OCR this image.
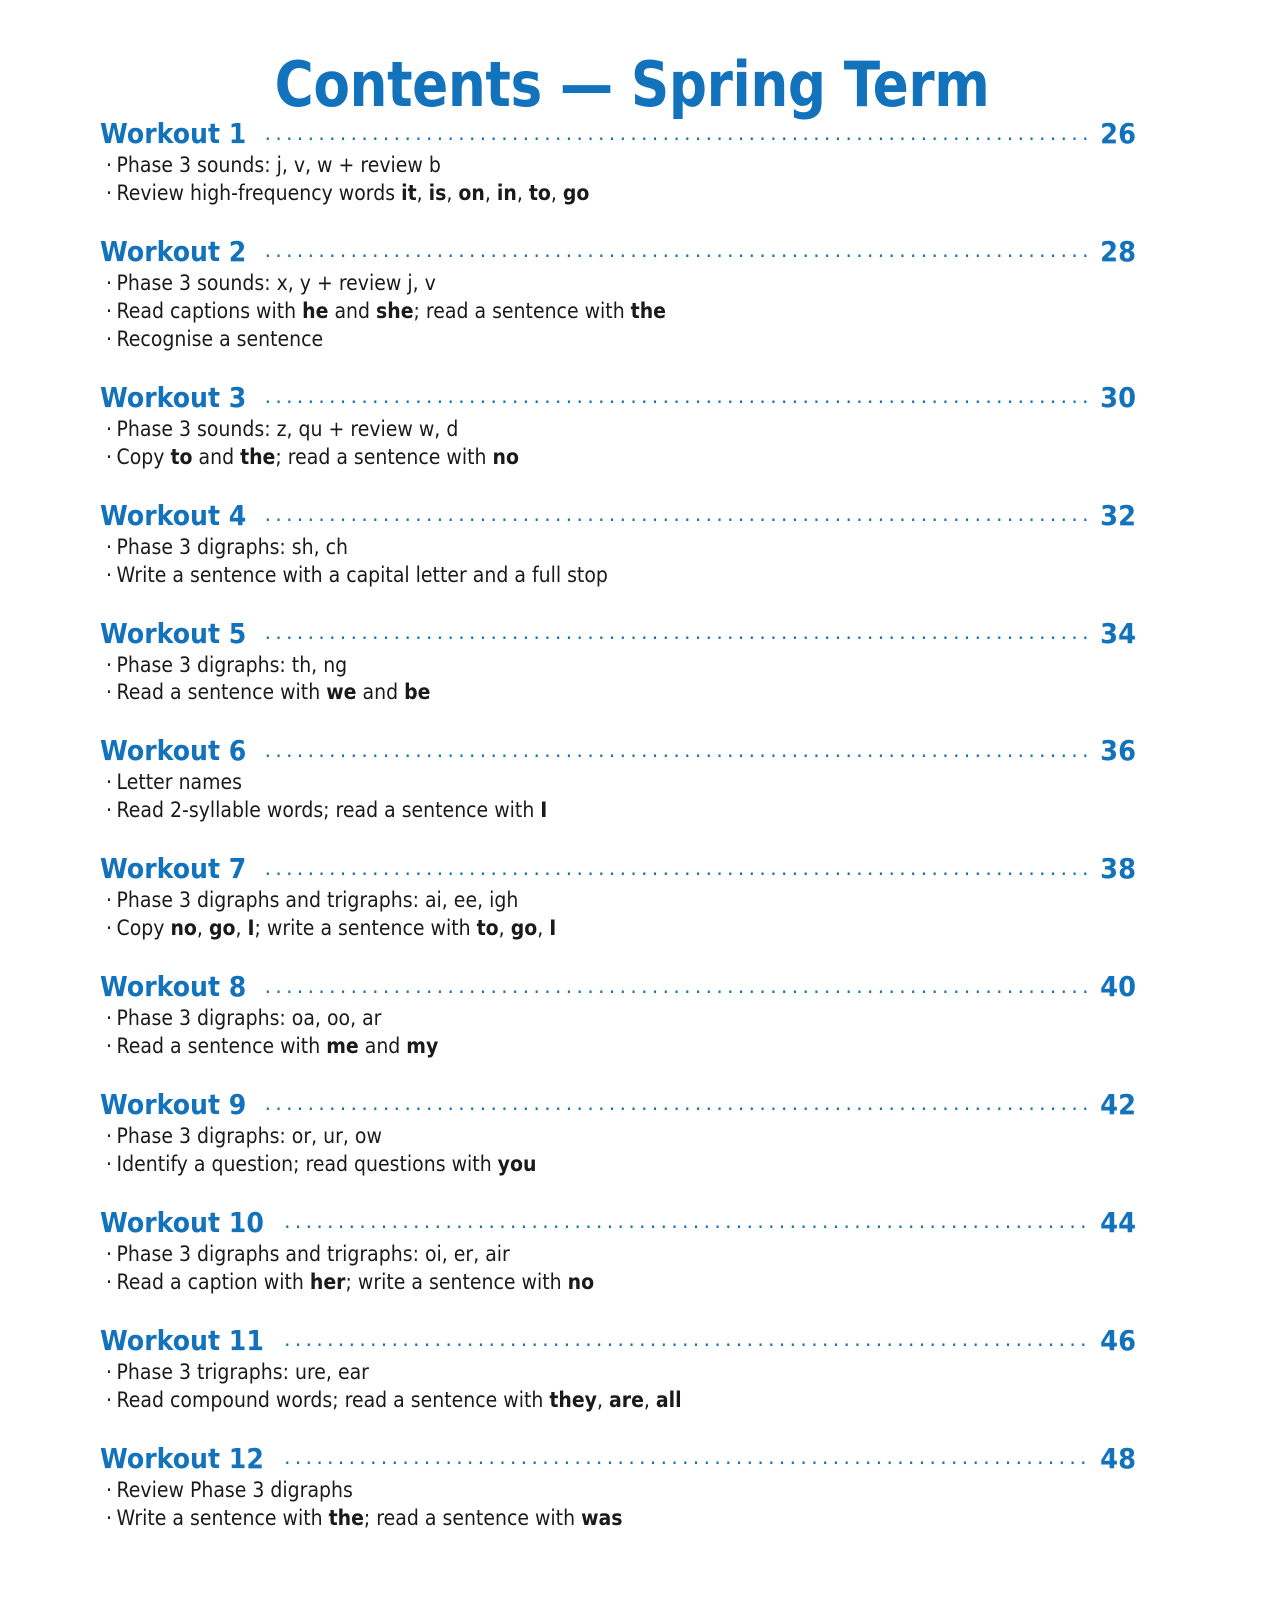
Contents — Spring Term
Workout 1 .....	26
· Phase 3 sounds: j, v, w + review b
· Review high-frequency words it, is, on, in, to, go
Workout 2 .....	28
· Phase 3 sounds: x, y + review j, v
· Read captions with he and she; read a sentence with the
· Recognise a sentence
Workout 3 .....	30
· Phase 3 sounds: z, qu + review w, d
· Copy to and the; read a sentence with no
Workout 4 .....	32
· Phase 3 digraphs: sh, ch
· Write a sentence with a capital letter and a full stop
Workout 5 .....	34
· Phase 3 digraphs: th, ng
· Read a sentence with we and be
Workout 6 .....	36
· Letter names
· Read 2-syllable words; read a sentence with I
Workout 7 .....	38
· Phase 3 digraphs and trigraphs: ai, ee, igh
· Copy no, go, I; write a sentence with to, go, I
Workout 8 .....	40
· Phase 3 digraphs: oa, oo, ar
· Read a sentence with me and my
Workout 9 .....	42
· Phase 3 digraphs: or, ur, ow
· Identify a question; read questions with you
Workout 10 .....	44
· Phase 3 digraphs and trigraphs: oi, er, air
· Read a caption with her; write a sentence with no
Workout 11 .....	46
· Phase 3 trigraphs: ure, ear
· Read compound words; read a sentence with they, are, all
Workout 12 .....	48
· Review Phase 3 digraphs
· Write a sentence with the; read a sentence with was
